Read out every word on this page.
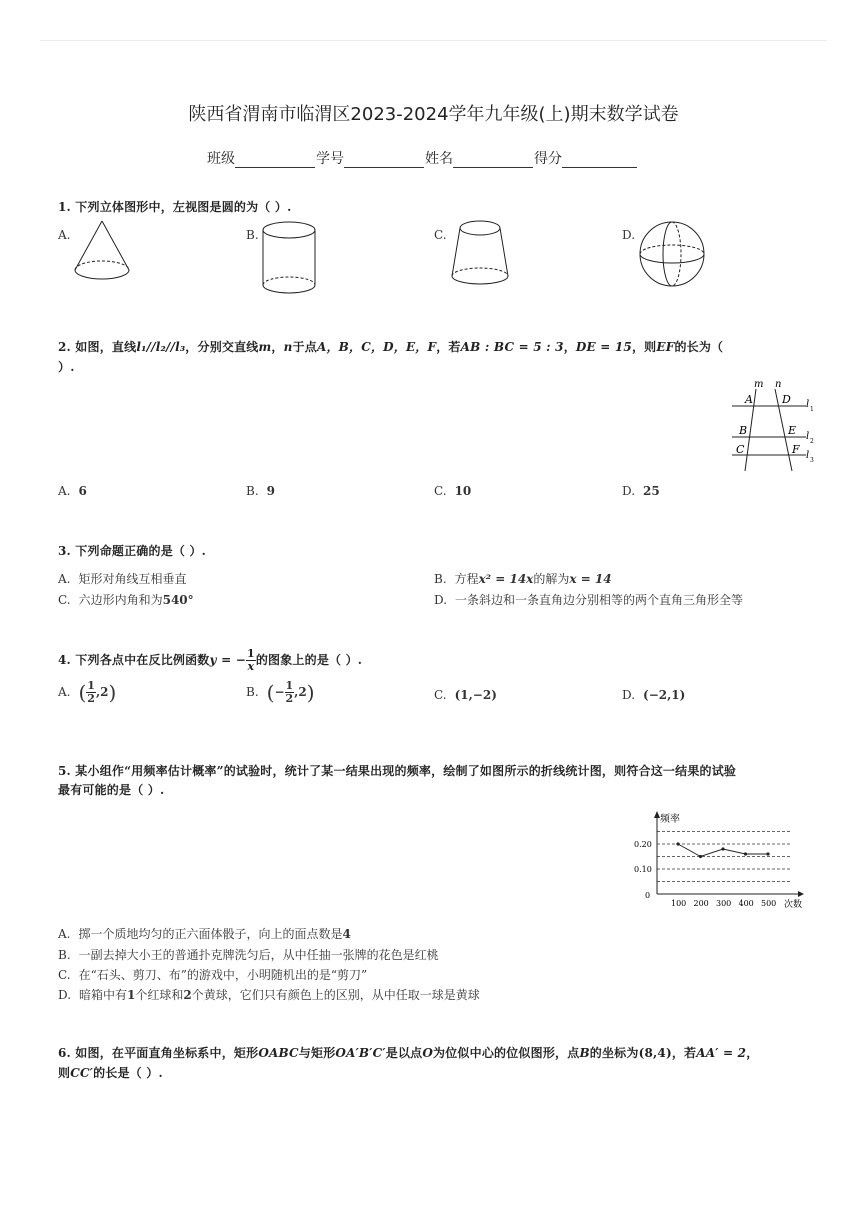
陕西省渭南市临渭区2023-2024学年九年级(上)期末数学试卷
班级	学号	姓名	得分
1. 下列立体图形中，左视图是圆的为（ ）.
A.	B.	C.	D.
2. 如图，直线l₁//l₂//l₃，分别交直线m，n于点A，B，C，D，E，F，若AB : BC = 5 : 3，DE = 15，则EF的长为（
）.
m n
A	D
B	E
C	F
l 1
l 2
l 3
A. 6	B. 9	C. 10	D. 25
3. 下列命题正确的是（ ）.
A. 矩形对角线互相垂直	B. 方程x² = 14x的解为x = 14
C. 六边形内角和为540°	D. 一条斜边和一条直角边分别相等的两个直角三角形全等
4. 下列各点中在反比例函数y = − $\frac{1}{x}$ 的图象上的是（ ）.
A. ( $\frac{1}{2} ,2$)	B. (− $\frac{1}{2} ,2$)	C. (1,−2)	D. (−2,1)
5. 某小组作“用频率估计概率”的试验时，统计了某一结果出现的频率，绘制了如图所示的折线统计图，则符合这一结果的试验
最有可能的是（ ）.
频率
次数
0
0.20
0.10
100 200 300 400 500
A. 掷一个质地均匀的正六面体骰子，向上的面点数是4
B. 一副去掉大小王的普通扑克牌洗匀后，从中任抽一张牌的花色是红桃
C. 在“石头、剪刀、布”的游戏中，小明随机出的是“剪刀”
D. 暗箱中有1个红球和2个黄球，它们只有颜色上的区别，从中任取一球是黄球
6. 如图，在平面直角坐标系中，矩形OABC与矩形OA′B′C′是以点O为位似中心的位似图形，点B的坐标为(8,4)，若AA′ = 2，
则CC′的长是（ ）.
